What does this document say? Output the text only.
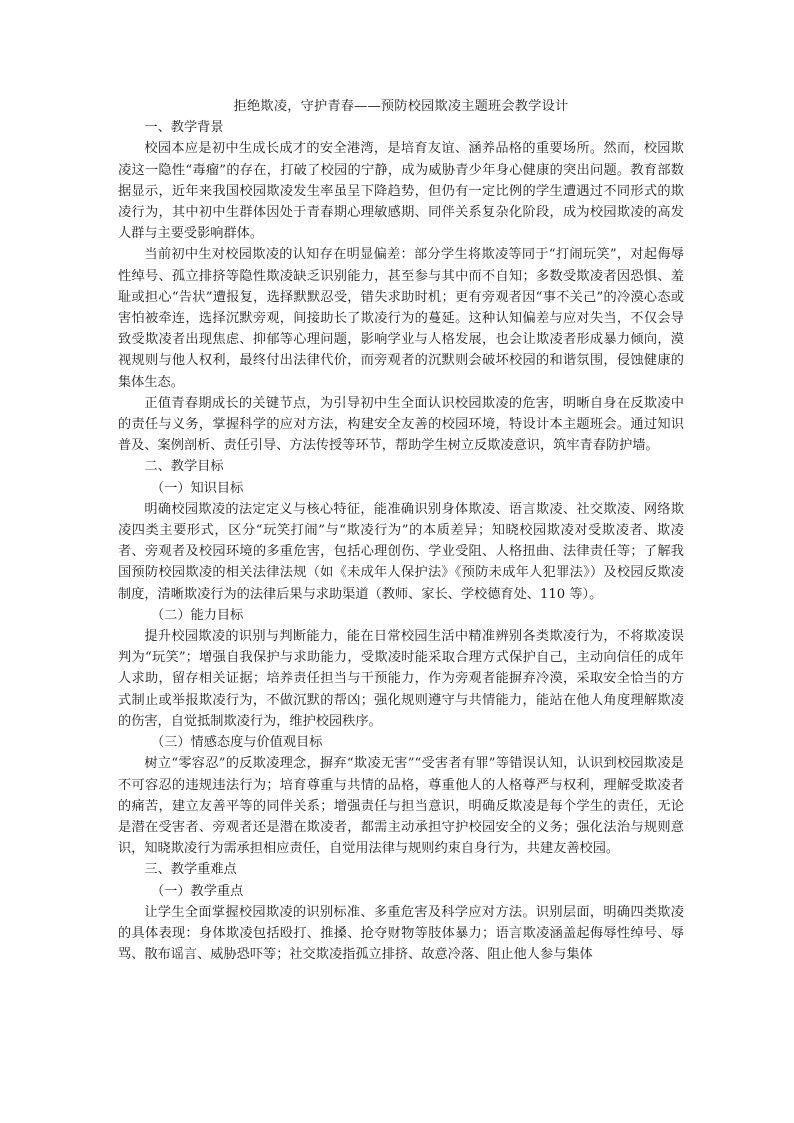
拒绝欺凌，守护青春——预防校园欺凌主题班会教学设计
一、教学背景

校园本应是初中生成长成才的安全港湾，是培育友谊、涵养品格的重要场所。然而，校园欺凌这一隐性“毒瘤”的存在，打破了校园的宁静，成为威胁青少年身心健康的突出问题。教育部数据显示，近年来我国校园欺凌发生率虽呈下降趋势，但仍有一定比例的学生遭遇过不同形式的欺凌行为，其中初中生群体因处于青春期心理敏感期、同伴关系复杂化阶段，成为校园欺凌的高发人群与主要受影响群体。

当前初中生对校园欺凌的认知存在明显偏差：部分学生将欺凌等同于“打闹玩笑”，对起侮辱性绰号、孤立排挤等隐性欺凌缺乏识别能力，甚至参与其中而不自知；多数受欺凌者因恐惧、羞耻或担心“告状”遭报复，选择默默忍受，错失求助时机；更有旁观者因“事不关己”的冷漠心态或害怕被牵连，选择沉默旁观，间接助长了欺凌行为的蔓延。这种认知偏差与应对失当，不仅会导致受欺凌者出现焦虑、抑郁等心理问题，影响学业与人格发展，也会让欺凌者形成暴力倾向，漠视规则与他人权利，最终付出法律代价，而旁观者的沉默则会破坏校园的和谐氛围，侵蚀健康的集体生态。

正值青春期成长的关键节点，为引导初中生全面认识校园欺凌的危害，明晰自身在反欺凌中的责任与义务，掌握科学的应对方法，构建安全友善的校园环境，特设计本主题班会。通过知识普及、案例剖析、责任引导、方法传授等环节，帮助学生树立反欺凌意识，筑牢青春防护墙。

二、教学目标
（一）知识目标

明确校园欺凌的法定定义与核心特征，能准确识别身体欺凌、语言欺凌、社交欺凌、网络欺凌四类主要形式，区分“玩笑打闹”与“欺凌行为”的本质差异；知晓校园欺凌对受欺凌者、欺凌者、旁观者及校园环境的多重危害，包括心理创伤、学业受阻、人格扭曲、法律责任等；了解我国预防校园欺凌的相关法律法规（如《未成年人保护法》《预防未成年人犯罪法》）及校园反欺凌制度，清晰欺凌行为的法律后果与求助渠道（教师、家长、学校德育处、110 等）。

（二）能力目标

提升校园欺凌的识别与判断能力，能在日常校园生活中精准辨别各类欺凌行为，不将欺凌误判为“玩笑”；增强自我保护与求助能力，受欺凌时能采取合理方式保护自己，主动向信任的成年人求助，留存相关证据；培养责任担当与干预能力，作为旁观者能摒弃冷漠，采取安全恰当的方式制止或举报欺凌行为，不做沉默的帮凶；强化规则遵守与共情能力，能站在他人角度理解欺凌的伤害，自觉抵制欺凌行为，维护校园秩序。

（三）情感态度与价值观目标

树立“零容忍”的反欺凌理念，摒弃“欺凌无害”“受害者有罪”等错误认知，认识到校园欺凌是不可容忍的违规违法行为；培育尊重与共情的品格，尊重他人的人格尊严与权利，理解受欺凌者的痛苦，建立友善平等的同伴关系；增强责任与担当意识，明确反欺凌是每个学生的责任，无论是潜在受害者、旁观者还是潜在欺凌者，都需主动承担守护校园安全的义务；强化法治与规则意识，知晓欺凌行为需承担相应责任，自觉用法律与规则约束自身行为，共建友善校园。

三、教学重难点
（一）教学重点

让学生全面掌握校园欺凌的识别标准、多重危害及科学应对方法。识别层面，明确四类欺凌的具体表现：身体欺凌包括殴打、推搡、抢夺财物等肢体暴力；语言欺凌涵盖起侮辱性绰号、辱骂、散布谣言、威胁恐吓等；社交欺凌指孤立排挤、故意冷落、阻止他人参与集体
